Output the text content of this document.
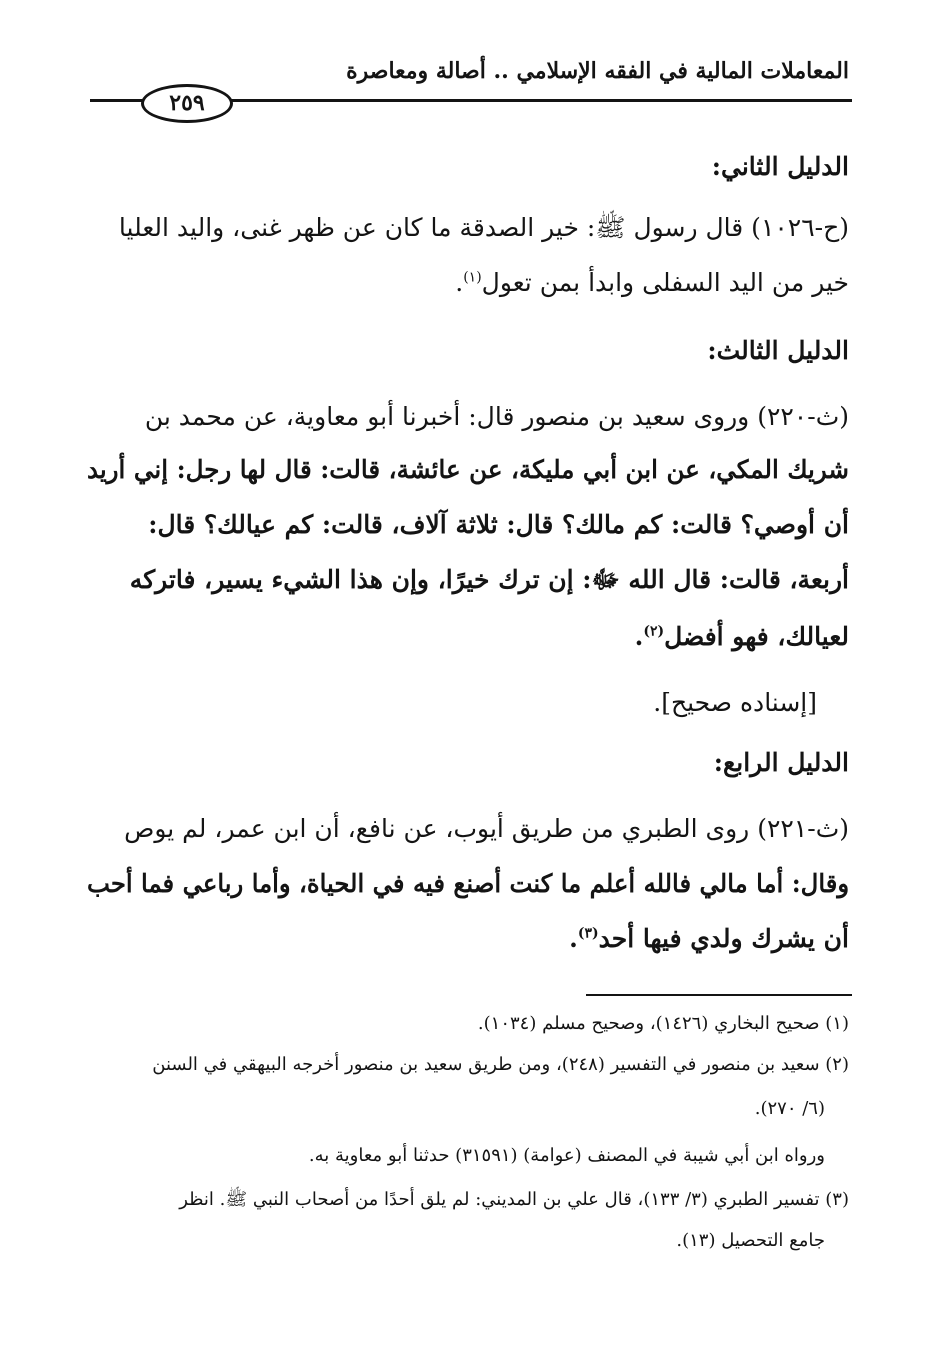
المعاملات المالية في الفقه الإسلامي .. أصالة ومعاصرة
٢٥٩
الدليل الثاني:
(ح-١٠٢٦) قال رسول ﷺ: خير الصدقة ما كان عن ظهر غنى، واليد العليا
خير من اليد السفلى وابدأ بمن تعول$^{(١)}$.
الدليل الثالث:
(ث-٢٢٠) وروى سعيد بن منصور قال: أخبرنا أبو معاوية، عن محمد بن
شريك المكي، عن ابن أبي مليكة، عن عائشة، قالت: قال لها رجل: إني أريد
أن أوصي؟ قالت: كم مالك؟ قال: ثلاثة آلاف، قالت: كم عيالك؟ قال:
أربعة، قالت: قال الله ﷻ: إن ترك خيرًا، وإن هذا الشيء يسير، فاتركه
لعيالك، فهو أفضل$^{(٢)}$.
[إسناده صحيح].
الدليل الرابع:
(ث-٢٢١) روى الطبري من طريق أيوب، عن نافع، أن ابن عمر، لم يوص
وقال: أما مالي فالله أعلم ما كنت أصنع فيه في الحياة، وأما رباعي فما أحب
أن يشرك ولدي فيها أحد$^{(٣)}$.
(١) صحيح البخاري (١٤٢٦)، وصحيح مسلم (١٠٣٤).
(٢) سعيد بن منصور في التفسير (٢٤٨)، ومن طريق سعيد بن منصور أخرجه البيهقي في السنن
(٦/ ٢٧٠).
ورواه ابن أبي شيبة في المصنف (عوامة) (٣١٥٩١) حدثنا أبو معاوية به.
(٣) تفسير الطبري (٣/ ١٣٣)، قال علي بن المديني: لم يلق أحدًا من أصحاب النبي ﷺ. انظر
جامع التحصيل (١٣).
